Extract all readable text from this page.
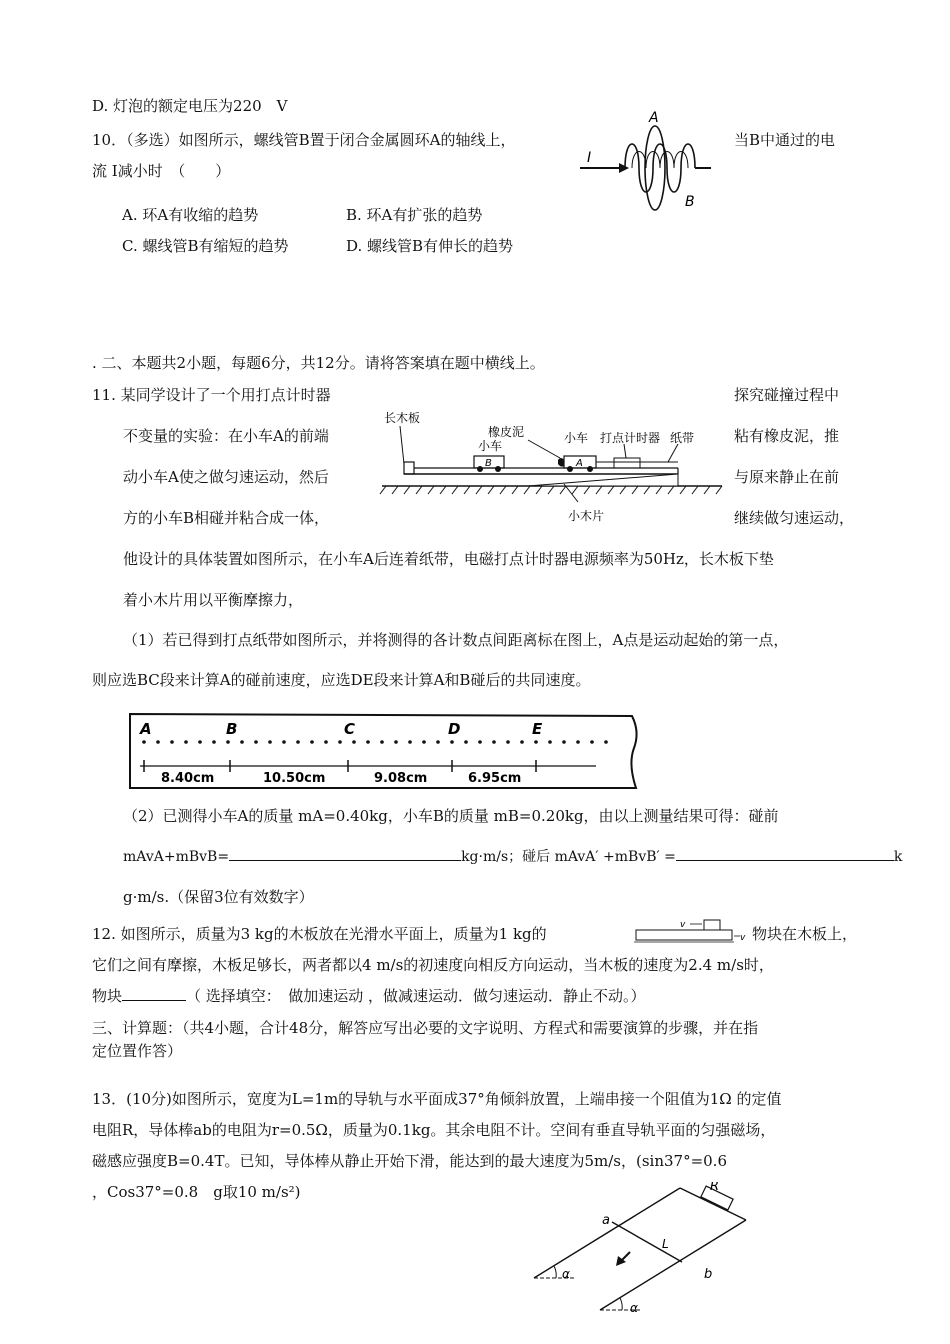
D. 灯泡的额定电压为220　V
10．（多选）如图所示，螺线管B置于闭合金属圆环A的轴线上，	当B中通过的电
流 I减小时　（　　）
I
A
B
A. 环A有收缩的趋势	B. 环A有扩张的趋势
C. 螺线管B有缩短的趋势	D. 螺线管B有伸长的趋势
. 二、本题共2小题，每题6分，共12分。请将答案填在题中横线上。
11. 某同学设计了一个用打点计时器	探究碰撞过程中
不变量的实验：在小车A的前端	粘有橡皮泥，推
动小车A使之做匀速运动，然后	与原来静止在前
方的小车B相碰并粘合成一体，	继续做匀速运动，
长木板
小木片
B
小车
A
橡皮泥	小车 打点计时器 纸带
他设计的具体装置如图所示，在小车A后连着纸带，电磁打点计时器电源频率为50Hz，长木板下垫
着小木片用以平衡摩擦力，
（1）若已得到打点纸带如图所示，并将测得的各计数点间距离标在图上，A点是运动起始的第一点，
则应选BC段来计算A的碰前速度，应选DE段来计算A和B碰后的共同速度。
A	B	C	D	E
8.40cm	10.50cm	9.08cm	6.95cm
（2）已测得小车A的质量 mA=0.40kg，小车B的质量 mB=0.20kg，由以上测量结果可得：碰前
mAvA+mBvB=	kg·m/s；碰后 mAvA′ +mBvB′ =	k
g·m/s.（保留3位有效数字）
12. 如图所示，质量为3 kg的木板放在光滑水平面上，质量为1 kg的	v
v 物块在木板上，
它们之间有摩擦，木板足够长，两者都以4 m/s的初速度向相反方向运动，当木板的速度为2.4 m/s时，
物块	（ 选择填空：　做加速运动 ，做减速运动．做匀速运动．静止不动。）
三、计算题：（共4小题，合计48分，解答应写出必要的文字说明、方程式和需要演算的步骤，并在指
定位置作答）
13．(10分)如图所示，宽度为L=1m的导轨与水平面成37°角倾斜放置，上端串接一个阻值为1Ω 的定值
电阻R，导体棒ab的电阻为r=0.5Ω，质量为0.1kg。其余电阻不计。空间有垂直导轨平面的匀强磁场，
磁感应强度B=0.4T。已知，导体棒从静止开始下滑，能达到的最大速度为5m/s，(sin37°=0.6
，Cos37°=0.8　g取10 m/s²)	R
a
b
L
α
α
